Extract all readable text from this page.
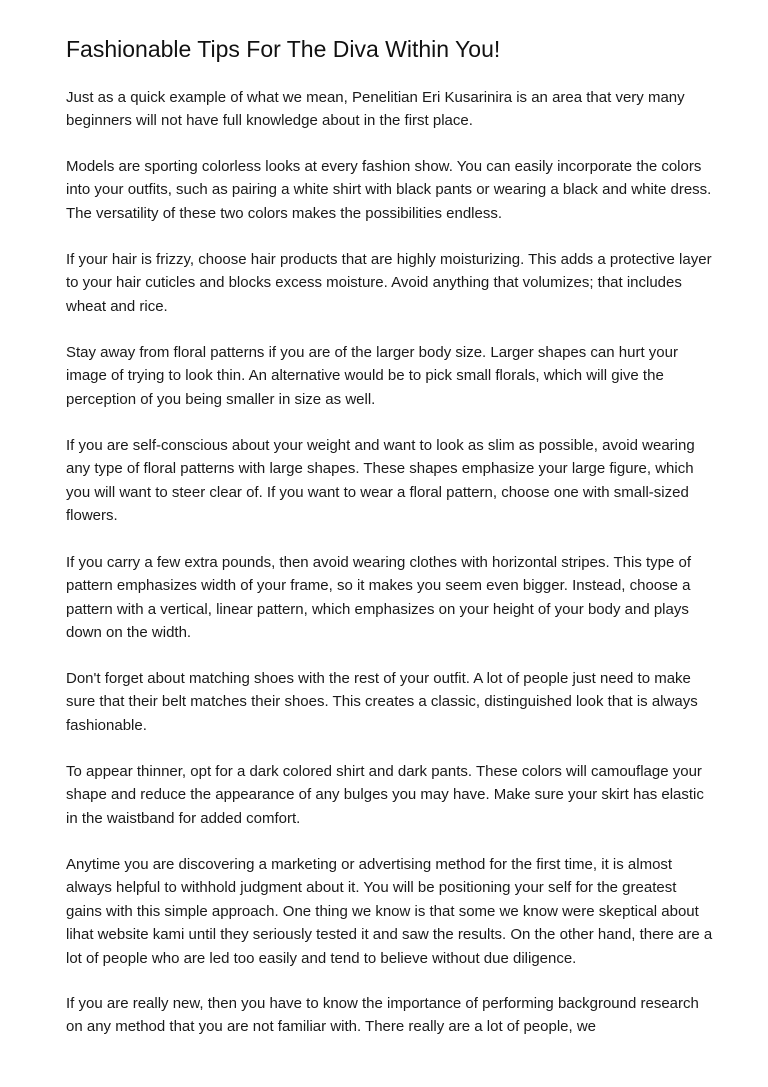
Fashionable Tips For The Diva Within You!

Just as a quick example of what we mean, Penelitian Eri Kusarinira is an area that very many beginners will not have full knowledge about in the first place.

Models are sporting colorless looks at every fashion show. You can easily incorporate the colors into your outfits, such as pairing a white shirt with black pants or wearing a black and white dress. The versatility of these two colors makes the possibilities endless.

If your hair is frizzy, choose hair products that are highly moisturizing. This adds a protective layer to your hair cuticles and blocks excess moisture. Avoid anything that volumizes; that includes wheat and rice.

Stay away from floral patterns if you are of the larger body size. Larger shapes can hurt your image of trying to look thin. An alternative would be to pick small florals, which will give the perception of you being smaller in size as well.

If you are self-conscious about your weight and want to look as slim as possible, avoid wearing any type of floral patterns with large shapes. These shapes emphasize your large figure, which you will want to steer clear of. If you want to wear a floral pattern, choose one with small-sized flowers.

If you carry a few extra pounds, then avoid wearing clothes with horizontal stripes. This type of pattern emphasizes width of your frame, so it makes you seem even bigger. Instead, choose a pattern with a vertical, linear pattern, which emphasizes on your height of your body and plays down on the width.

Don't forget about matching shoes with the rest of your outfit. A lot of people just need to make sure that their belt matches their shoes. This creates a classic, distinguished look that is always fashionable.

To appear thinner, opt for a dark colored shirt and dark pants. These colors will camouflage your shape and reduce the appearance of any bulges you may have. Make sure your skirt has elastic in the waistband for added comfort.

Anytime you are discovering a marketing or advertising method for the first time, it is almost always helpful to withhold judgment about it. You will be positioning your self for the greatest gains with this simple approach. One thing we know is that some we know were skeptical about lihat website kami until they seriously tested it and saw the results. On the other hand, there are a lot of people who are led too easily and tend to believe without due diligence.

If you are really new, then you have to know the importance of performing background research on any method that you are not familiar with. There really are a lot of people, we
